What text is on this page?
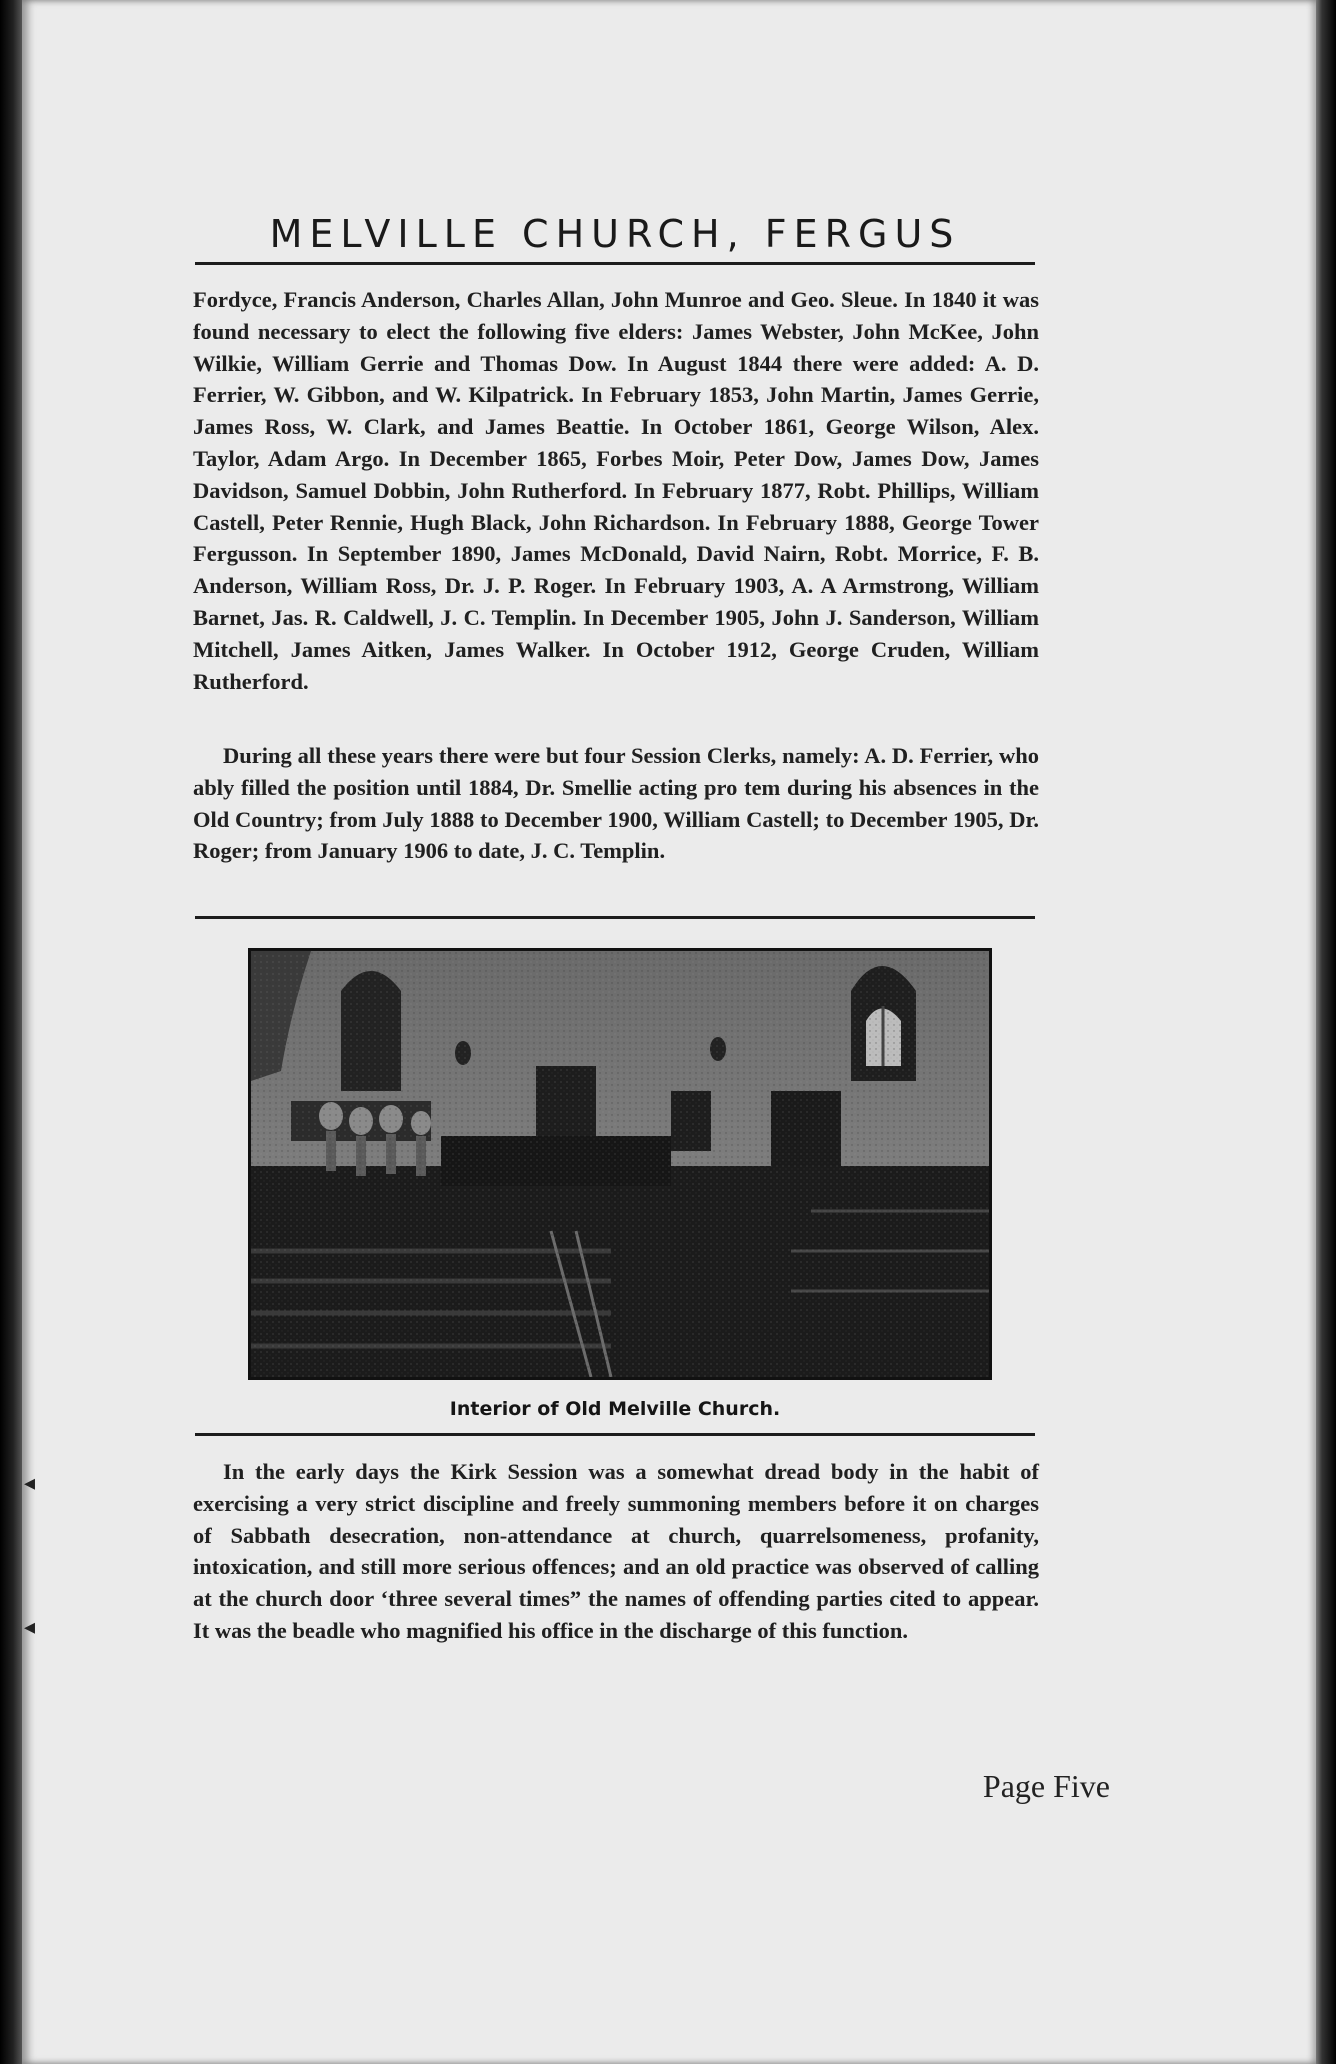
MELVILLE CHURCH, FERGUS

Fordyce, Francis Anderson, Charles Allan, John Munroe and Geo. Sleue. In 1840 it was found necessary to elect the following five elders: James Webster, John McKee, John Wilkie, William Gerrie and Thomas Dow. In August 1844 there were added: A. D. Ferrier, W. Gibbon, and W. Kilpatrick. In February 1853, John Martin, James Gerrie, James Ross, W. Clark, and James Beattie. In October 1861, George Wilson, Alex. Taylor, Adam Argo. In December 1865, Forbes Moir, Peter Dow, James Dow, James Davidson, Samuel Dobbin, John Rutherford. In February 1877, Robt. Phillips, William Castell, Peter Rennie, Hugh Black, John Richardson. In February 1888, George Tower Fergusson. In September 1890, James McDonald, David Nairn, Robt. Morrice, F. B. Anderson, William Ross, Dr. J. P. Roger. In February 1903, A. A Armstrong, William Barnet, Jas. R. Caldwell, J. C. Templin. In December 1905, John J. Sanderson, William Mitchell, James Aitken, James Walker. In October 1912, George Cruden, William Rutherford.

During all these years there were but four Session Clerks, namely: A. D. Ferrier, who ably filled the position until 1884, Dr. Smellie acting pro tem during his absences in the Old Country; from July 1888 to December 1900, William Castell; to December 1905, Dr. Roger; from January 1906 to date, J. C. Templin.

Interior of Old Melville Church.

In the early days the Kirk Session was a somewhat dread body in the habit of exercising a very strict discipline and freely summoning members before it on charges of Sabbath desecration, non-attendance at church, quarrelsomeness, profanity, intoxication, and still more serious offences; and an old practice was observed of calling at the church door ‘three several times” the names of offending parties cited to appear. It was the beadle who magnified his office in the discharge of this function.

Page Five
◂
◂
